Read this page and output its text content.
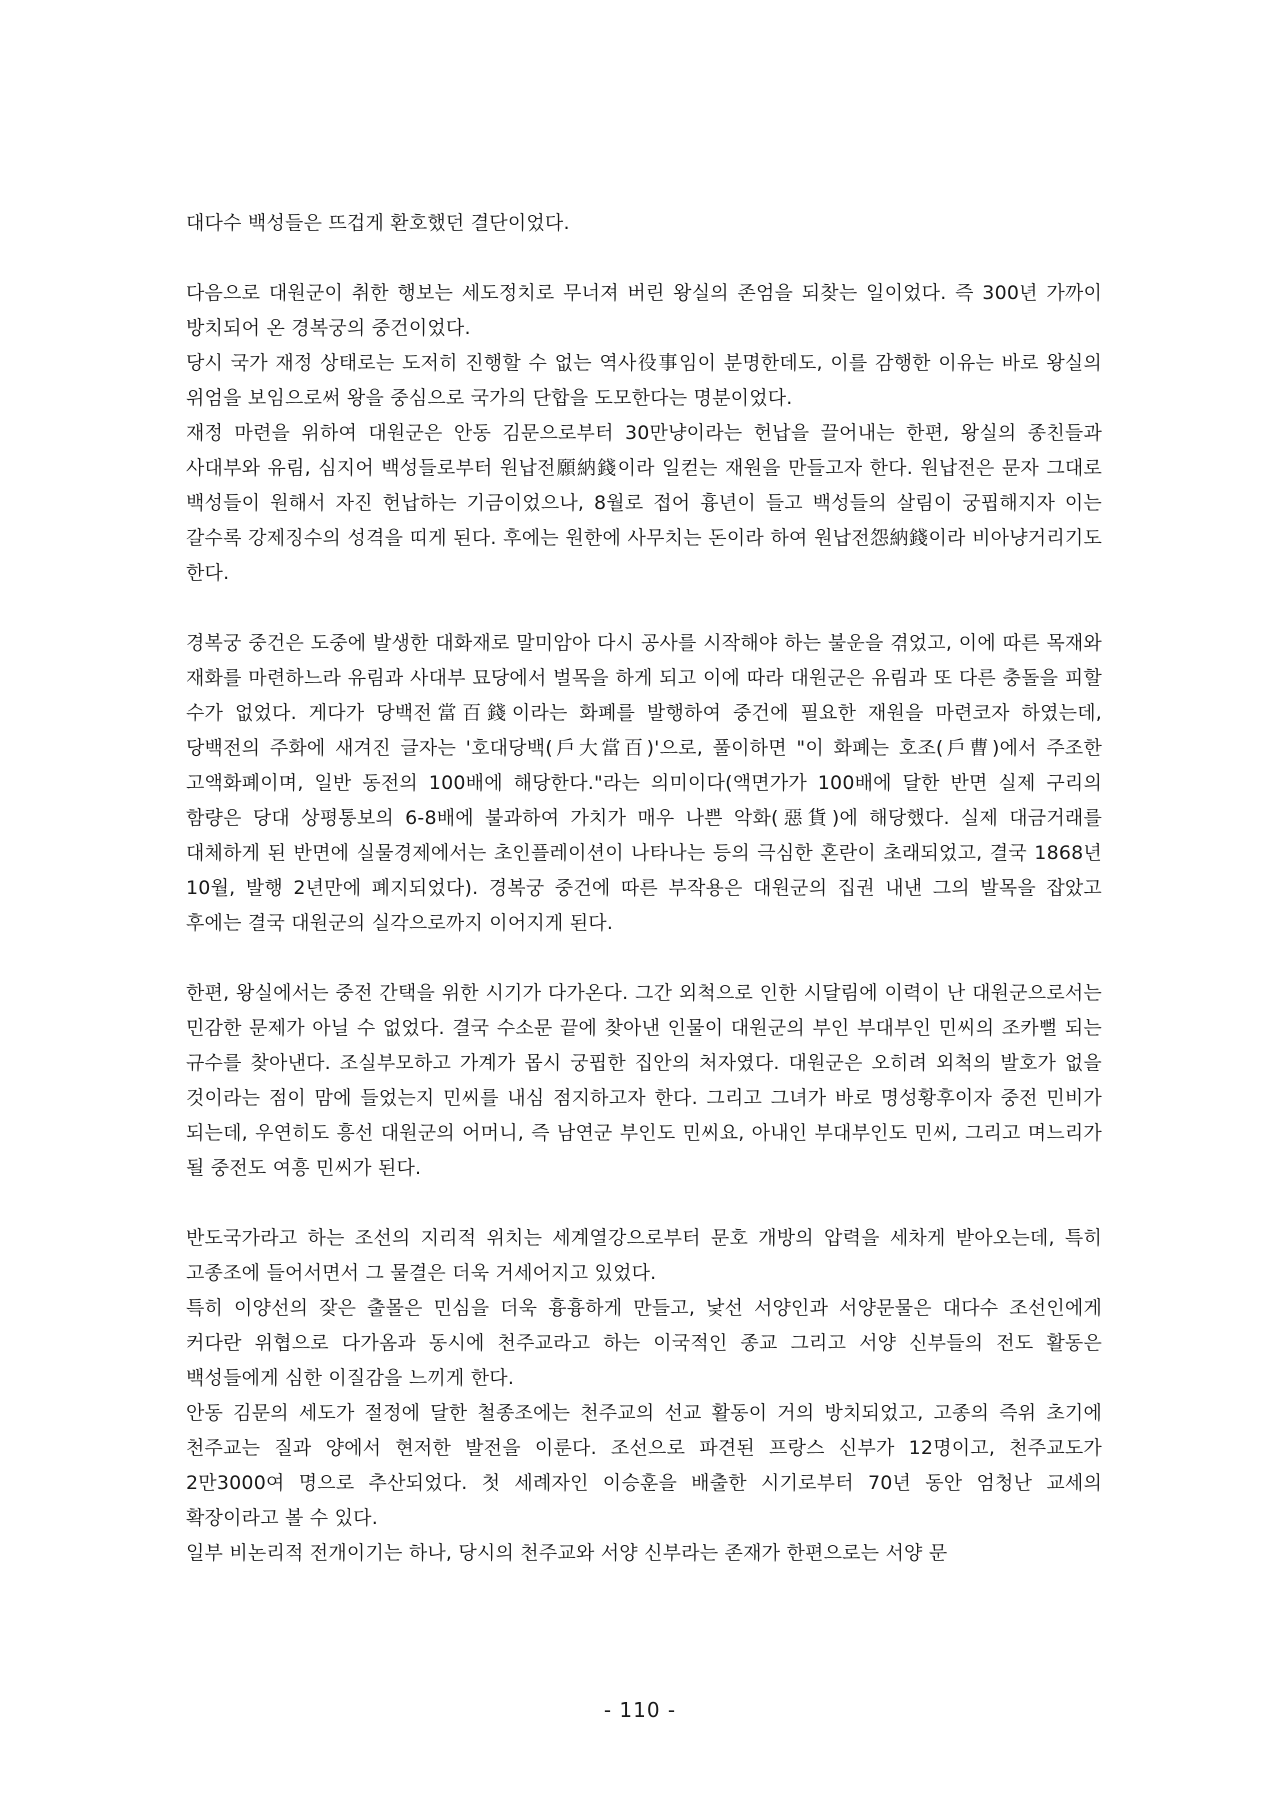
대다수 백성들은 뜨겁게 환호했던 결단이었다.

다음으로 대원군이 취한 행보는 세도정치로 무너져 버린 왕실의 존엄을 되찾는 일이었다. 즉 300년 가까이 방치되어 온 경복궁의 중건이었다.

당시 국가 재정 상태로는 도저히 진행할 수 없는 역사役事임이 분명한데도, 이를 감행한 이유는 바로 왕실의 위엄을 보임으로써 왕을 중심으로 국가의 단합을 도모한다는 명분이었다.

재정 마련을 위하여 대원군은 안동 김문으로부터 30만냥이라는 헌납을 끌어내는 한편, 왕실의 종친들과 사대부와 유림, 심지어 백성들로부터 원납전願納錢이라 일컫는 재원을 만들고자 한다. 원납전은 문자 그대로 백성들이 원해서 자진 헌납하는 기금이었으나, 8월로 접어 흉년이 들고 백성들의 살림이 궁핍해지자 이는 갈수록 강제징수의 성격을 띠게 된다. 후에는 원한에 사무치는 돈이라 하여 원납전怨納錢이라 비아냥거리기도 한다.

경복궁 중건은 도중에 발생한 대화재로 말미암아 다시 공사를 시작해야 하는 불운을 겪었고, 이에 따른 목재와 재화를 마련하느라 유림과 사대부 묘당에서 벌목을 하게 되고 이에 따라 대원군은 유림과 또 다른 충돌을 피할 수가 없었다. 게다가 당백전當百錢이라는 화폐를 발행하여 중건에 필요한 재원을 마련코자 하였는데, 당백전의 주화에 새겨진 글자는 '호대당백(戶大當百)'으로, 풀이하면 "이 화폐는 호조(戶曹)에서 주조한 고액화폐이며, 일반 동전의 100배에 해당한다."라는 의미이다(액면가가 100배에 달한 반면 실제 구리의 함량은 당대 상평통보의 6-8배에 불과하여 가치가 매우 나쁜 악화(惡貨)에 해당했다. 실제 대금거래를 대체하게 된 반면에 실물경제에서는 초인플레이션이 나타나는 등의 극심한 혼란이 초래되었고, 결국 1868년 10월, 발행 2년만에 폐지되었다). 경복궁 중건에 따른 부작용은 대원군의 집권 내낸 그의 발목을 잡았고 후에는 결국 대원군의 실각으로까지 이어지게 된다.

한편, 왕실에서는 중전 간택을 위한 시기가 다가온다. 그간 외척으로 인한 시달림에 이력이 난 대원군으로서는 민감한 문제가 아닐 수 없었다. 결국 수소문 끝에 찾아낸 인물이 대원군의 부인 부대부인 민씨의 조카뻘 되는 규수를 찾아낸다. 조실부모하고 가계가 몹시 궁핍한 집안의 처자였다. 대원군은 오히려 외척의 발호가 없을 것이라는 점이 맘에 들었는지 민씨를 내심 점지하고자 한다. 그리고 그녀가 바로 명성황후이자 중전 민비가 되는데, 우연히도 흥선 대원군의 어머니, 즉 남연군 부인도 민씨요, 아내인 부대부인도 민씨, 그리고 며느리가 될 중전도 여흥 민씨가 된다.

반도국가라고 하는 조선의 지리적 위치는 세계열강으로부터 문호 개방의 압력을 세차게 받아오는데, 특히 고종조에 들어서면서 그 물결은 더욱 거세어지고 있었다.

특히 이양선의 잦은 출몰은 민심을 더욱 흉흉하게 만들고, 낯선 서양인과 서양문물은 대다수 조선인에게 커다란 위협으로 다가옴과 동시에 천주교라고 하는 이국적인 종교 그리고 서양 신부들의 전도 활동은 백성들에게 심한 이질감을 느끼게 한다.

안동 김문의 세도가 절정에 달한 철종조에는 천주교의 선교 활동이 거의 방치되었고, 고종의 즉위 초기에 천주교는 질과 양에서 현저한 발전을 이룬다. 조선으로 파견된 프랑스 신부가 12명이고, 천주교도가 2만3000여 명으로 추산되었다. 첫 세례자인 이승훈을 배출한 시기로부터 70년 동안 엄청난 교세의 확장이라고 볼 수 있다.

일부 비논리적 전개이기는 하나, 당시의 천주교와 서양 신부라는 존재가 한편으로는 서양 문

- 110 -
